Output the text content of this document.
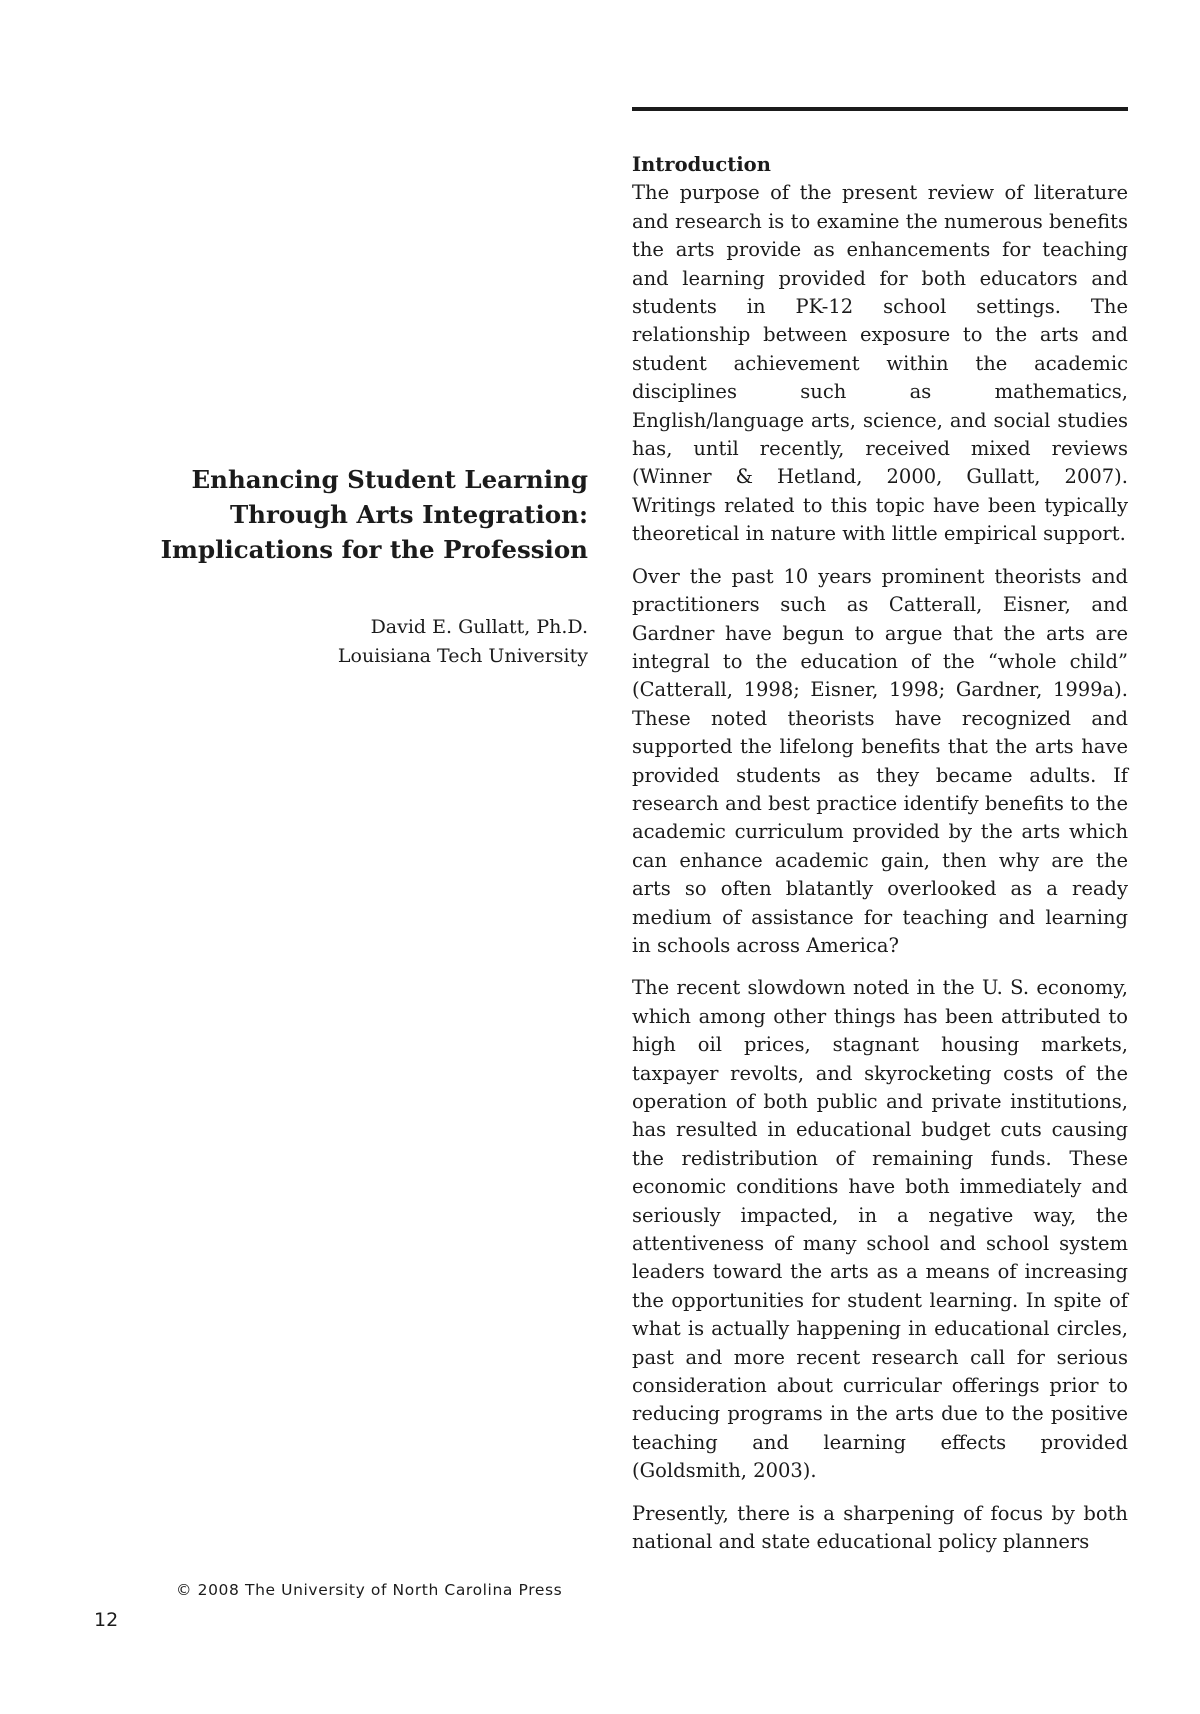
Enhancing Student Learning Through Arts Integration: Implications for the Profession

David E. Gullatt, Ph.D.
Louisiana Tech University

Introduction

The purpose of the present review of literature and research is to examine the numerous benefits the arts provide as enhancements for teaching and learning provided for both educators and students in PK-12 school settings. The relationship between exposure to the arts and student achievement within the academic disciplines such as mathematics, English/language arts, science, and social studies has, until recently, received mixed reviews (Winner & Hetland, 2000, Gullatt, 2007). Writings related to this topic have been typically theoretical in nature with little empirical support.

Over the past 10 years prominent theorists and practitioners such as Catterall, Eisner, and Gardner have begun to argue that the arts are integral to the education of the “whole child” (Catterall, 1998; Eisner, 1998; Gardner, 1999a). These noted theorists have recognized and supported the lifelong benefits that the arts have provided students as they became adults. If research and best practice identify benefits to the academic curriculum provided by the arts which can enhance academic gain, then why are the arts so often blatantly overlooked as a ready medium of assistance for teaching and learning in schools across America?

The recent slowdown noted in the U. S. economy, which among other things has been attributed to high oil prices, stagnant housing markets, taxpayer revolts, and skyrocketing costs of the operation of both public and private institutions, has resulted in educational budget cuts causing the redistribution of remaining funds. These economic conditions have both immediately and seriously impacted, in a negative way, the attentiveness of many school and school system leaders toward the arts as a means of increasing the opportunities for student learning. In spite of what is actually happening in educational circles, past and more recent research call for serious consideration about curricular offerings prior to reducing programs in the arts due to the positive teaching and learning effects provided (Goldsmith, 2003).

Presently, there is a sharpening of focus by both national and state educational policy planners

© 2008 The University of North Carolina Press
12
